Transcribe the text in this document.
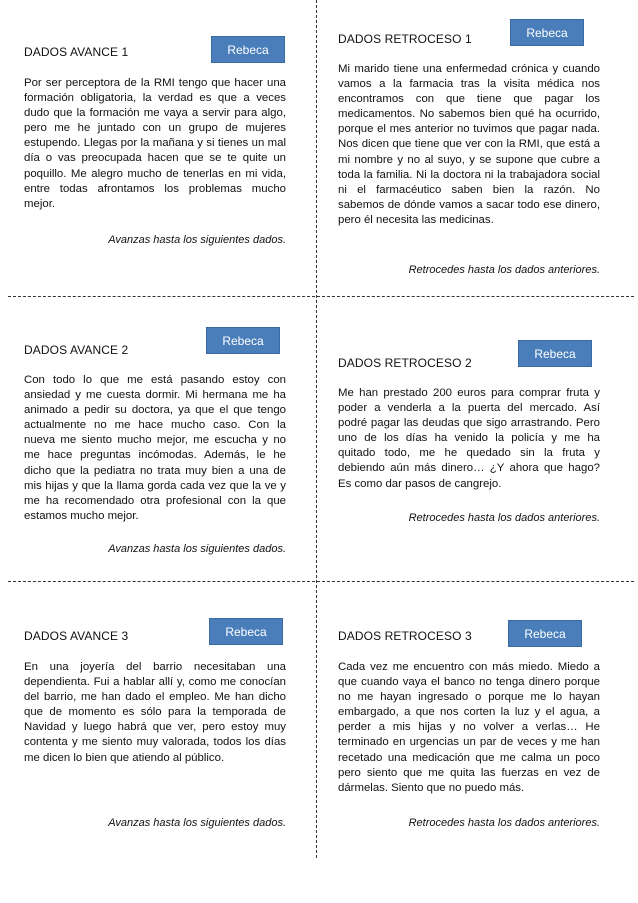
Rebeca
DADOS AVANCE 1
Por ser perceptora de la RMI tengo que hacer una formación obligatoria, la verdad es que a veces dudo que la formación me vaya a servir para algo, pero me he juntado con un grupo de mujeres estupendo. Llegas por la mañana y si tienes un mal día o vas preocupada hacen que se te quite un poquillo. Me alegro mucho de tenerlas en mi vida, entre todas afrontamos los problemas mucho mejor.
Avanzas hasta los siguientes dados.
Rebeca
DADOS RETROCESO 1
Mi marido tiene una enfermedad crónica y cuando vamos a la farmacia tras la visita médica nos encontramos con que tiene que pagar los medicamentos. No sabemos bien qué ha ocurrido, porque el mes anterior no tuvimos que pagar nada. Nos dicen que tiene que ver con la RMI, que está a mi nombre y no al suyo, y se supone que cubre a toda la familia. Ni la doctora ni la trabajadora social ni el farmacéutico saben bien la razón. No sabemos de dónde vamos a sacar todo ese dinero, pero él necesita las medicinas.
Retrocedes hasta los dados anteriores.
Rebeca
DADOS AVANCE 2
Con todo lo que me está pasando estoy con ansiedad y me cuesta dormir. Mi hermana me ha animado a pedir su doctora, ya que el que tengo actualmente no me hace mucho caso. Con la nueva me siento mucho mejor, me escucha y no me hace preguntas incómodas. Además, le he dicho que la pediatra no trata muy bien a una de mis hijas y que la llama gorda cada vez que la ve y me ha recomendado otra profesional con la que estamos mucho mejor.
Avanzas hasta los siguientes dados.
Rebeca
DADOS RETROCESO 2
Me han prestado 200 euros para comprar fruta y poder a venderla a la puerta del mercado. Así podré pagar las deudas que sigo arrastrando. Pero uno de los días ha venido la policía y me ha quitado todo, me he quedado sin la fruta y debiendo aún más dinero… ¿Y ahora que hago? Es como dar pasos de cangrejo.
Retrocedes hasta los dados anteriores.
Rebeca
DADOS AVANCE 3
En una joyería del barrio necesitaban una dependienta. Fui a hablar allí y, como me conocían del barrio, me han dado el empleo. Me han dicho que de momento es sólo para la temporada de Navidad y luego habrá que ver, pero estoy muy contenta y me siento muy valorada, todos los días me dicen lo bien que atiendo al público.
Avanzas hasta los siguientes dados.
Rebeca
DADOS RETROCESO 3
Cada vez me encuentro con más miedo. Miedo a que cuando vaya el banco no tenga dinero porque no me hayan ingresado o porque me lo hayan embargado, a que nos corten la luz y el agua, a perder a mis hijas y no volver a verlas… He terminado en urgencias un par de veces y me han recetado una medicación que me calma un poco pero siento que me quita las fuerzas en vez de dármelas. Siento que no puedo más.
Retrocedes hasta los dados anteriores.
